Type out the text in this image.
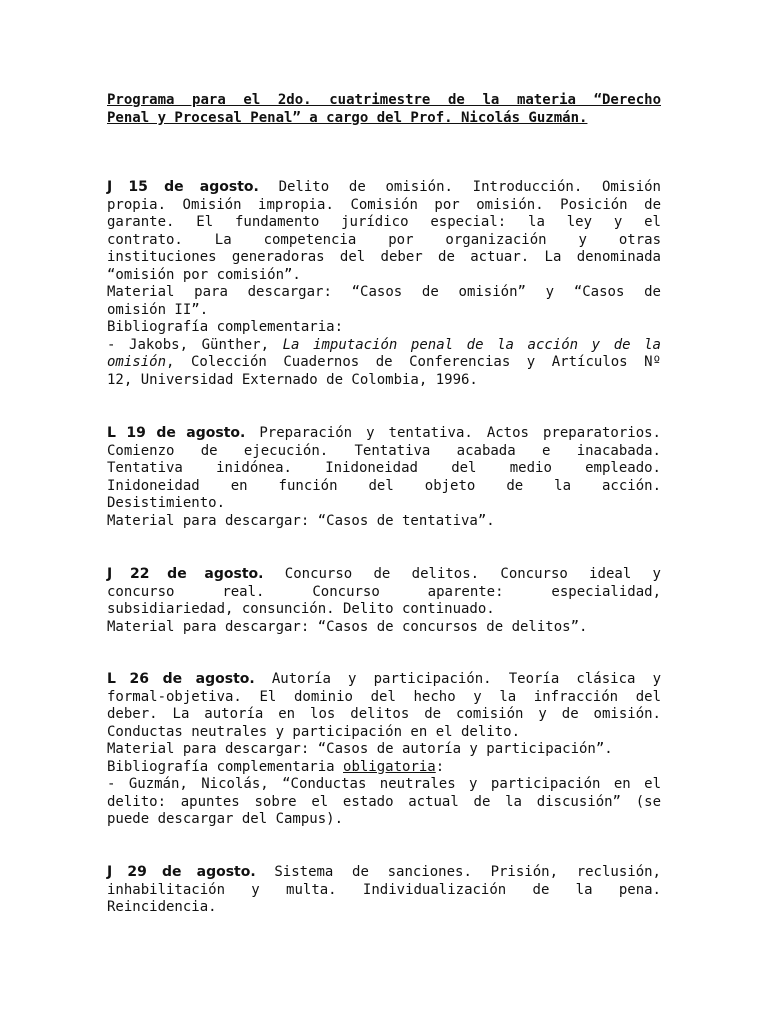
Programa para el 2do. cuatrimestre de la materia “Derecho
Penal y Procesal Penal” a cargo del Prof. Nicolás Guzmán.
J 15 de agosto. Delito de omisión. Introducción. Omisión
propia. Omisión impropia. Comisión por omisión. Posición de
garante. El fundamento jurídico especial: la ley y el
contrato. La competencia por organización y otras
instituciones generadoras del deber de actuar. La denominada
“omisión por comisión”.
Material para descargar: “Casos de omisión” y “Casos de
omisión II”.
Bibliografía complementaria:
- Jakobs, Günther, La imputación penal de la acción y de la
omisión, Colección Cuadernos de Conferencias y Artículos Nº
12, Universidad Externado de Colombia, 1996.
L 19 de agosto. Preparación y tentativa. Actos preparatorios.
Comienzo de ejecución. Tentativa acabada e inacabada.
Tentativa inidónea. Inidoneidad del medio empleado.
Inidoneidad en función del objeto de la acción.
Desistimiento.
Material para descargar: “Casos de tentativa”.
J 22 de agosto. Concurso de delitos. Concurso ideal y
concurso real. Concurso aparente: especialidad,
subsidiariedad, consunción. Delito continuado.
Material para descargar: “Casos de concursos de delitos”.
L 26 de agosto. Autoría y participación. Teoría clásica y
formal-objetiva. El dominio del hecho y la infracción del
deber. La autoría en los delitos de comisión y de omisión.
Conductas neutrales y participación en el delito.
Material para descargar: “Casos de autoría y participación”.
Bibliografía complementaria obligatoria:
- Guzmán, Nicolás, “Conductas neutrales y participación en el
delito: apuntes sobre el estado actual de la discusión” (se
puede descargar del Campus).
J 29 de agosto. Sistema de sanciones. Prisión, reclusión,
inhabilitación y multa. Individualización de la pena.
Reincidencia.
